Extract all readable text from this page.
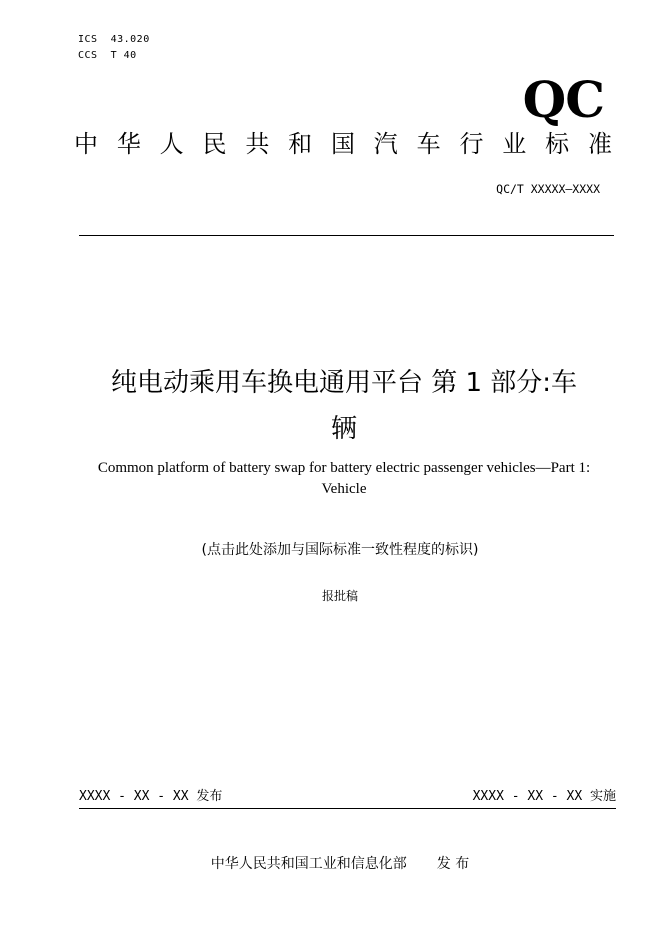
ICS  43.020
CCS  T 40
QC
中 华 人 民 共 和 国 汽 车 行 业 标 准
QC/T XXXXX—XXXX
纯电动乘用车换电通用平台 第 1 部分:车
辆
Common platform of battery swap for battery electric passenger vehicles—Part 1:
Vehicle
(点击此处添加与国际标准一致性程度的标识)
报批稿
XXXX - XX - XX 发布	XXXX - XX - XX 实施
中华人民共和国工业和信息化部 发 布
